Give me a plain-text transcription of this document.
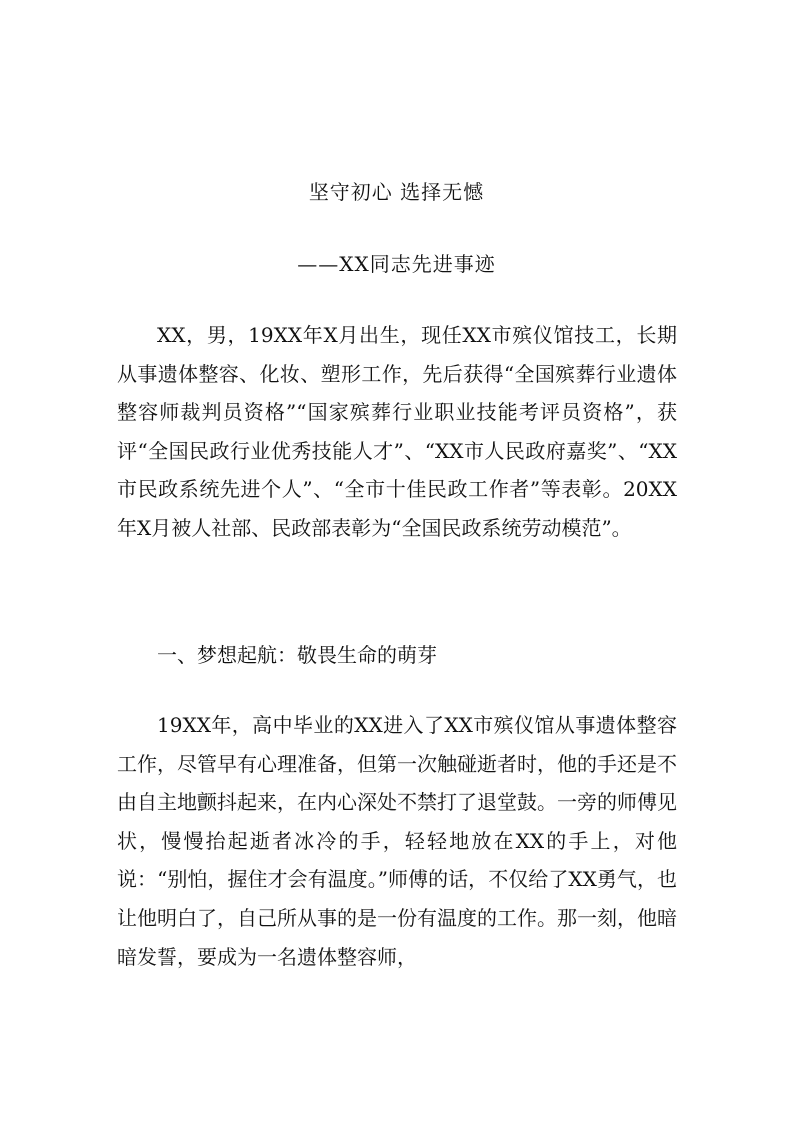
坚守初心 选择无憾
——XX同志先进事迹

XX，男，19XX年X月出生，现任XX市殡仪馆技工，长期从事遗体整容、化妆、塑形工作，先后获得“全国殡葬行业遗体整容师裁判员资格”“国家殡葬行业职业技能考评员资格”，获评“全国民政行业优秀技能人才”、“XX市人民政府嘉奖”、“XX市民政系统先进个人”、“全市十佳民政工作者”等表彰。20XX年X月被人社部、民政部表彰为“全国民政系统劳动模范”。

一、梦想起航：敬畏生命的萌芽

19XX年，高中毕业的XX进入了XX市殡仪馆从事遗体整容工作，尽管早有心理准备，但第一次触碰逝者时，他的手还是不由自主地颤抖起来，在内心深处不禁打了退堂鼓。一旁的师傅见状，慢慢抬起逝者冰冷的手，轻轻地放在XX的手上，对他说：“别怕，握住才会有温度。”师傅的话，不仅给了XX勇气，也让他明白了，自己所从事的是一份有温度的工作。那一刻，他暗暗发誓，要成为一名遗体整容师，
